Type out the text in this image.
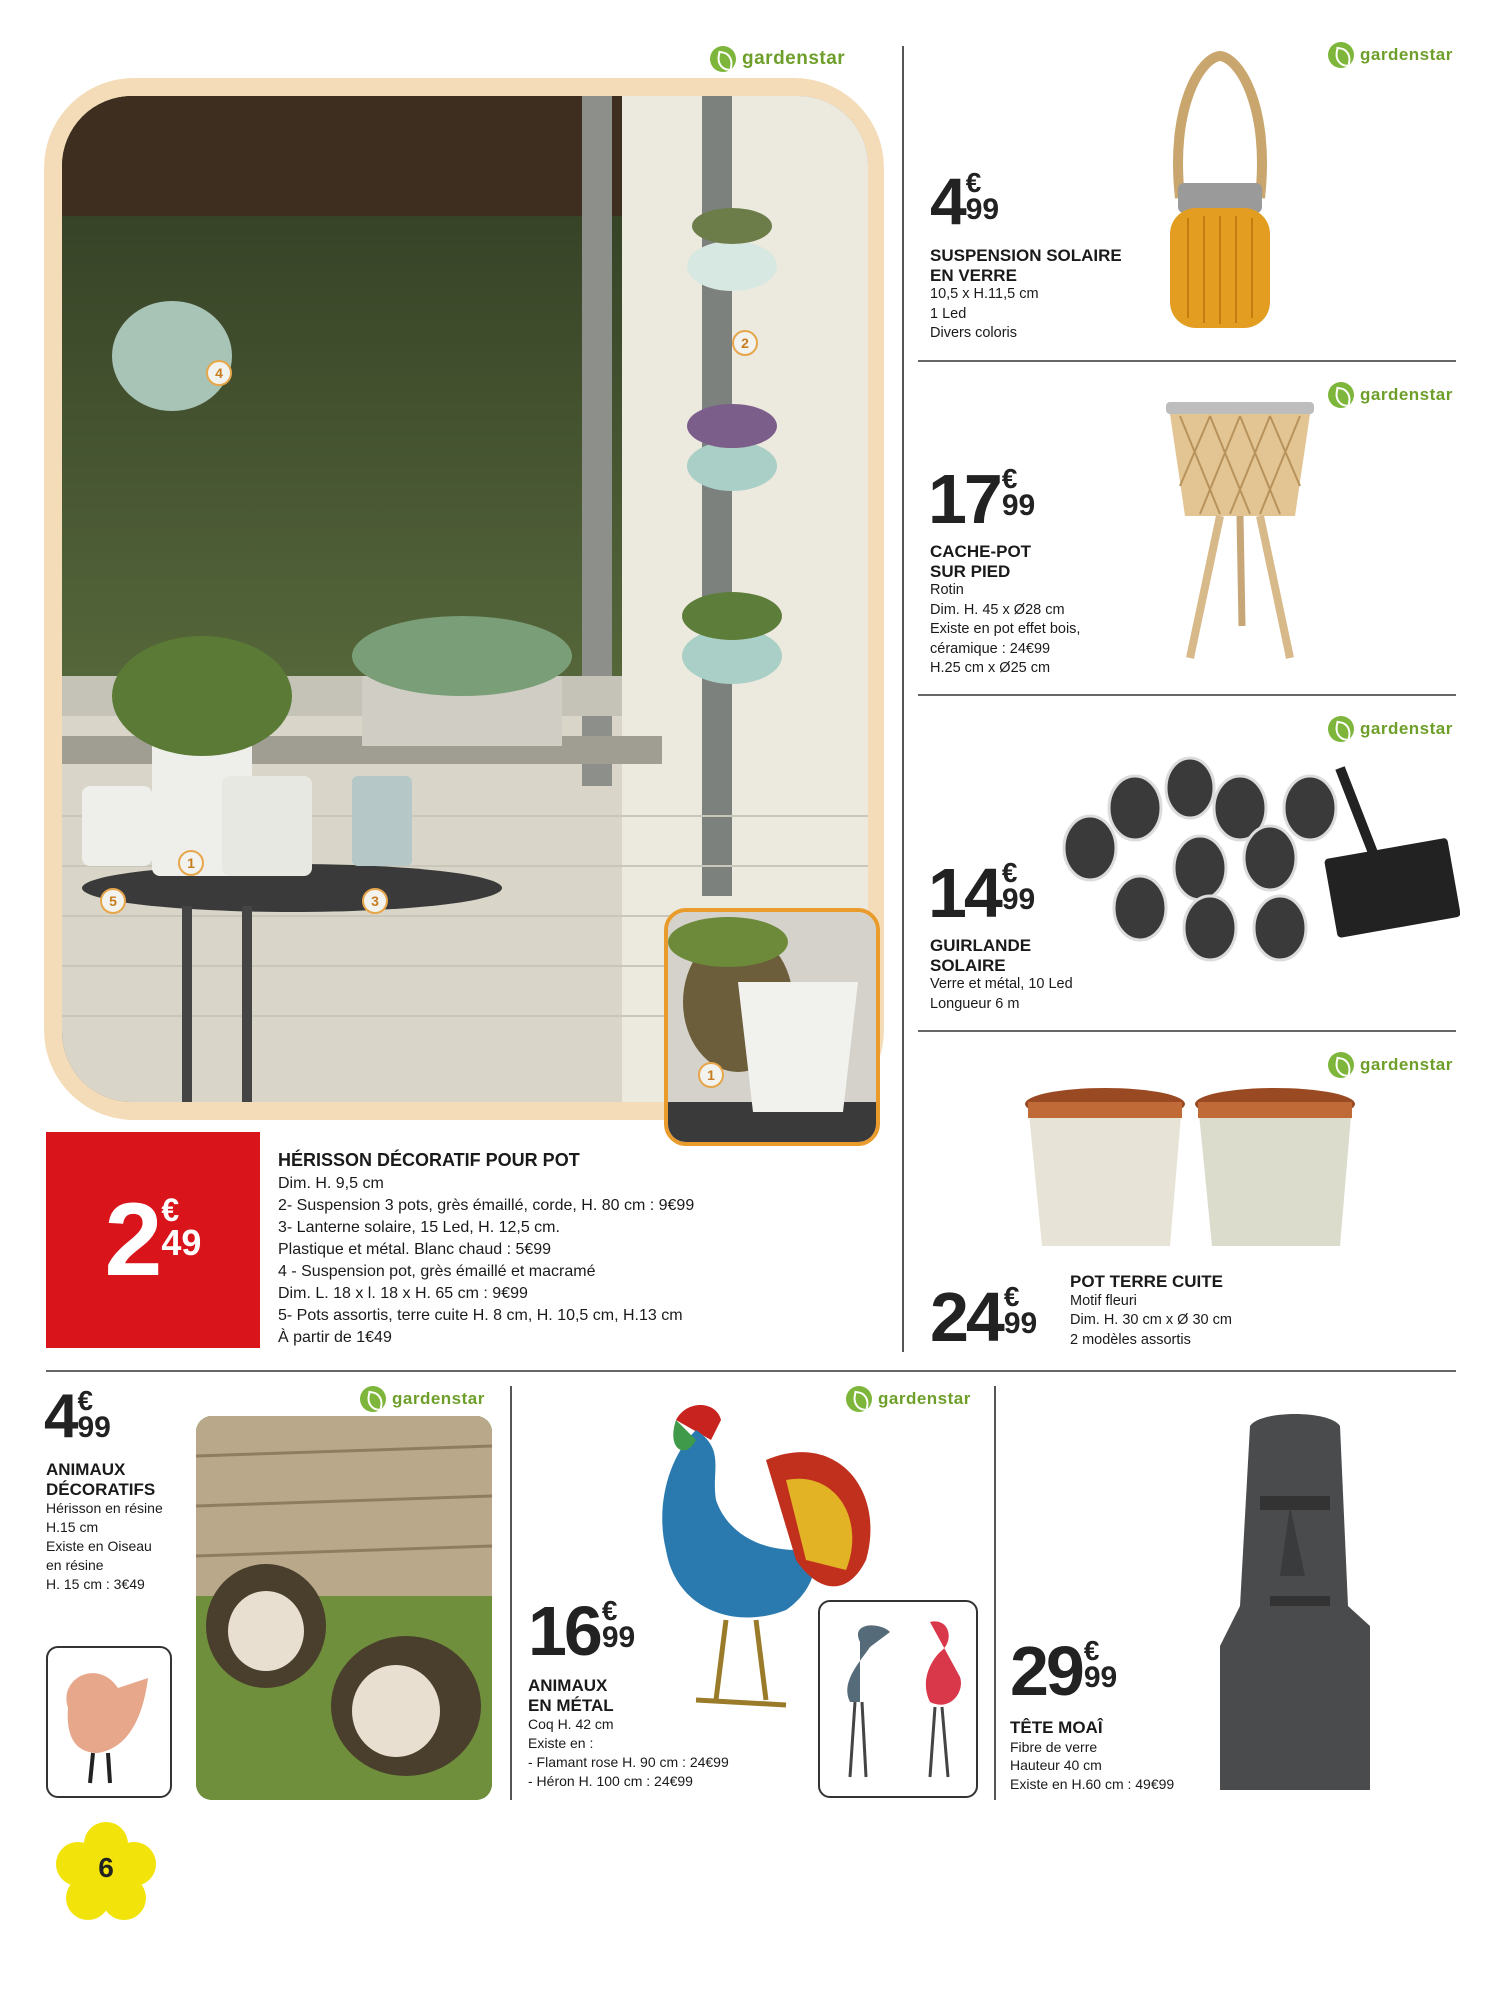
1
2
3
4
5
1
gardenstar
2 €
49
HÉRISSON DÉCORATIF POUR POT
Dim. H. 9,5 cm
2- Suspension 3 pots, grès émaillé, corde, H. 80 cm : 9€99
3- Lanterne solaire, 15 Led, H. 12,5 cm.
Plastique et métal. Blanc chaud : 5€99
4 - Suspension pot, grès émaillé et macramé
Dim. L. 18 x l. 18 x H. 65 cm : 9€99
5- Pots assortis, terre cuite H. 8 cm, H. 10,5 cm, H.13 cm
À partir de 1€49
gardenstar
4 €
99
SUSPENSION SOLAIRE
EN VERRE
10,5 x H.11,5 cm
1 Led
Divers coloris
gardenstar
17 €
99
CACHE-POT
SUR PIED
Rotin
Dim. H. 45 x Ø28 cm
Existe en pot effet bois,
céramique : 24€99
H.25 cm x Ø25 cm
gardenstar
14 €
99
GUIRLANDE
SOLAIRE
Verre et métal, 10 Led
Longueur 6 m
gardenstar
24 €
99
POT TERRE CUITE
Motif fleuri
Dim. H. 30 cm x Ø 30 cm
2 modèles assortis
4 €
99
ANIMAUX
DÉCORATIFS
Hérisson en résine
H.15 cm
Existe en Oiseau
en résine
H. 15 cm : 3€49
gardenstar	gardenstar
16 €
99
ANIMAUX
EN MÉTAL
Coq H. 42 cm
Existe en :
- Flamant rose H. 90 cm : 24€99
- Héron H. 100 cm : 24€99
29 €
99
TÊTE MOAÎ
Fibre de verre
Hauteur 40 cm
Existe en H.60 cm : 49€99
6
